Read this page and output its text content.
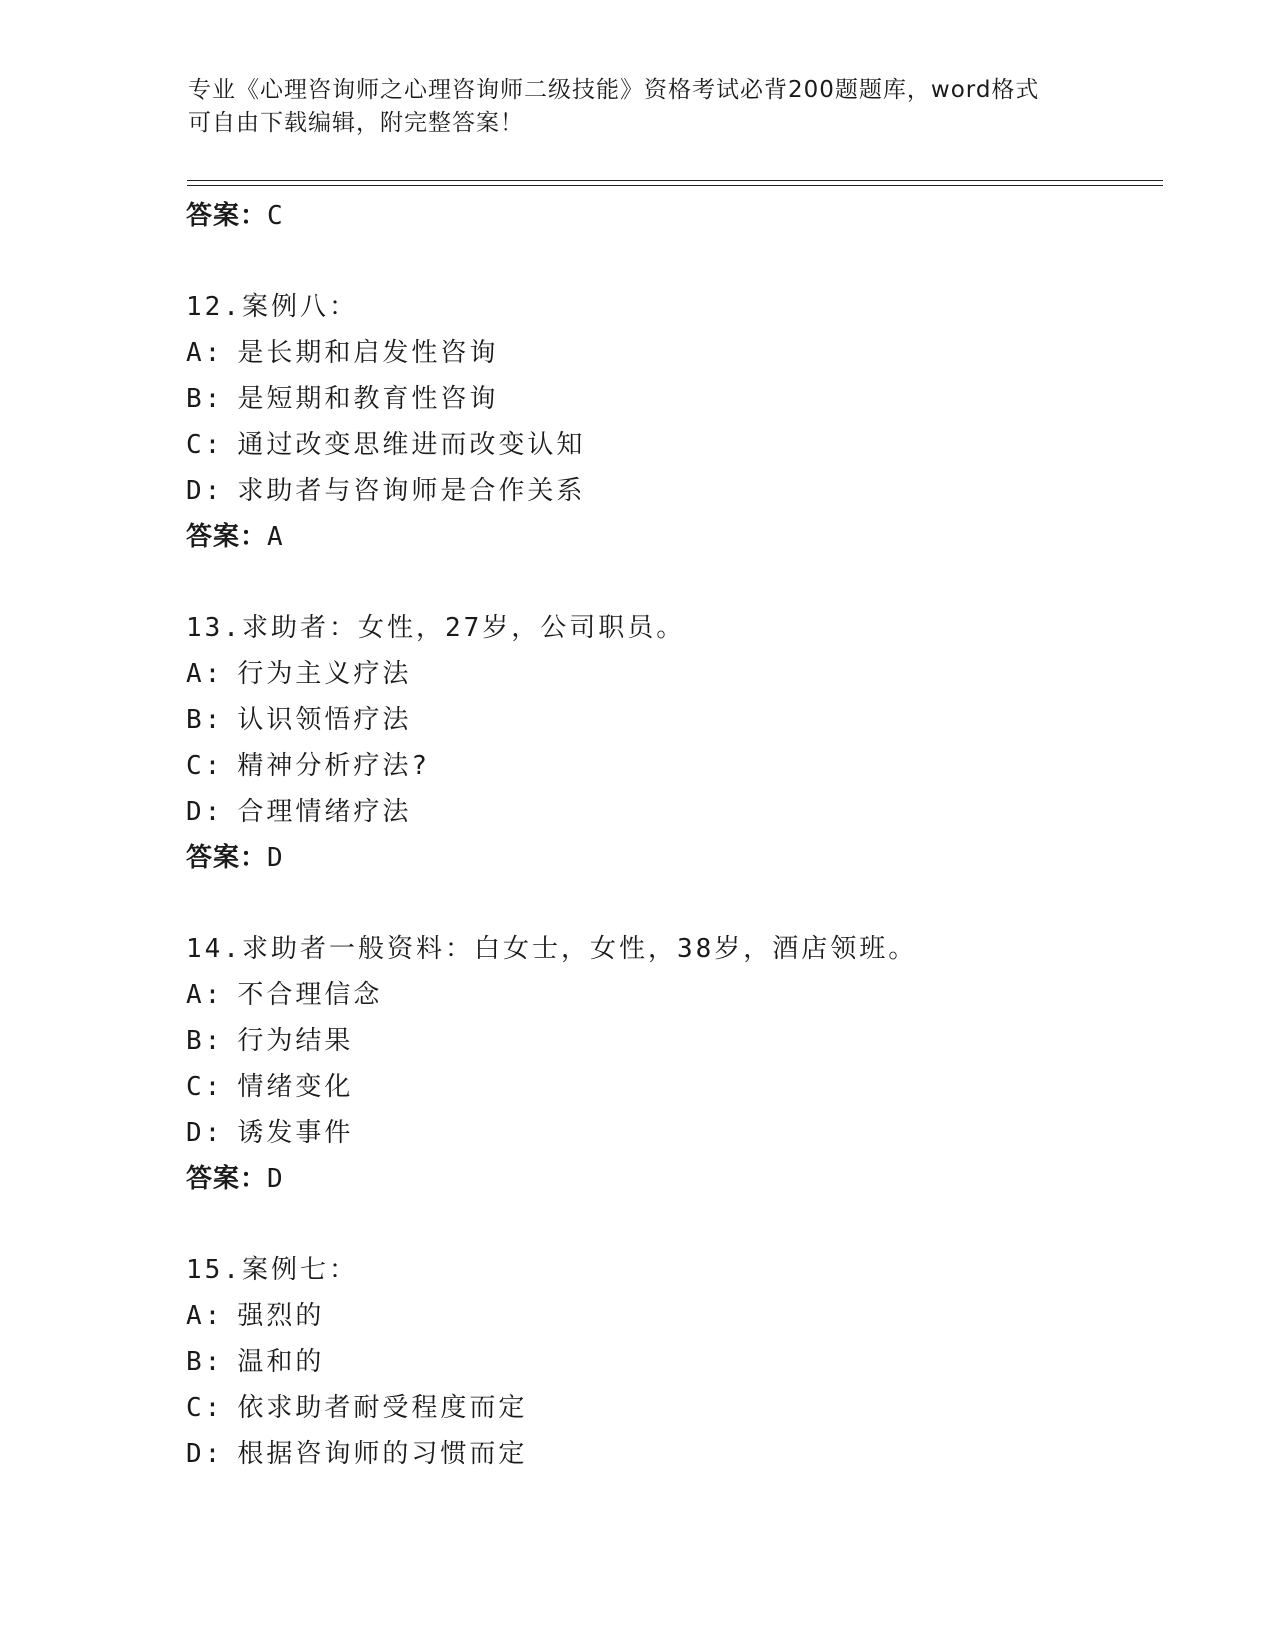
专业《心理咨询师之心理咨询师二级技能》资格考试必背200题题库，word格式
可自由下载编辑，附完整答案！
答案：C
12.案例八：
A: 是长期和启发性咨询
B: 是短期和教育性咨询
C: 通过改变思维进而改变认知
D: 求助者与咨询师是合作关系
答案：A
13.求助者：女性，27岁，公司职员。
A: 行为主义疗法
B: 认识领悟疗法
C: 精神分析疗法?
D: 合理情绪疗法
答案：D
14.求助者一般资料：白女士，女性，38岁，酒店领班。
A: 不合理信念
B: 行为结果
C: 情绪变化
D: 诱发事件
答案：D
15.案例七：
A: 强烈的
B: 温和的
C: 依求助者耐受程度而定
D: 根据咨询师的习惯而定
